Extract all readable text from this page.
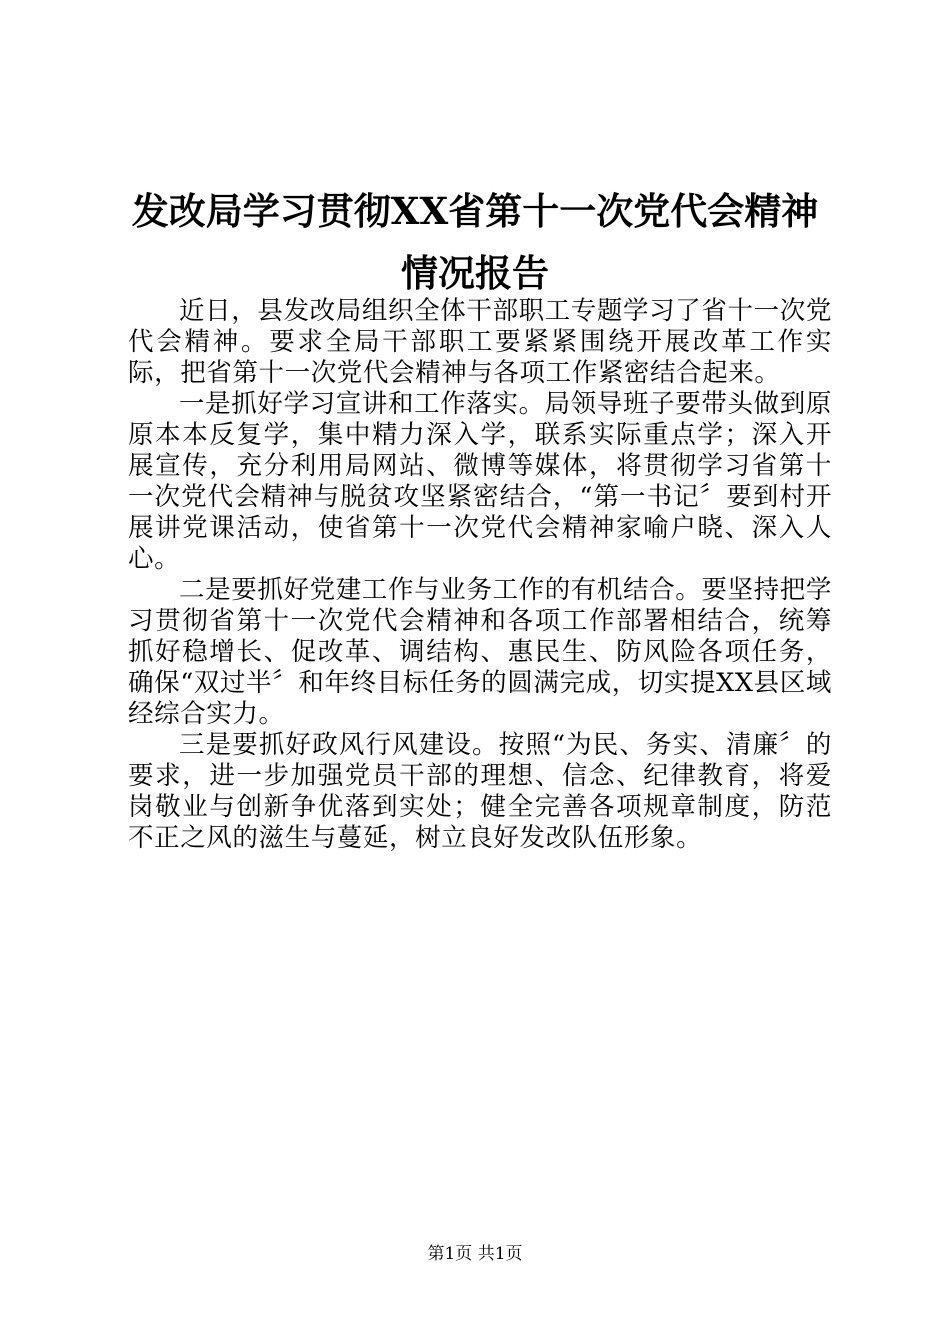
发改局学习贯彻XX省第十一次党代会精神情况报告

近日，县发改局组织全体干部职工专题学习了省十一次党代会精神。要求全局干部职工要紧紧围绕开展改革工作实际，把省第十一次党代会精神与各项工作紧密结合起来。

一是抓好学习宣讲和工作落实。局领导班子要带头做到原原本本反复学，集中精力深入学，联系实际重点学；深入开展宣传，充分利用局网站、微博等媒体，将贯彻学习省第十一次党代会精神与脱贫攻坚紧密结合，“第一书记〞要到村开展讲党课活动，使省第十一次党代会精神家喻户晓、深入人心。

二是要抓好党建工作与业务工作的有机结合。要坚持把学习贯彻省第十一次党代会精神和各项工作部署相结合，统筹抓好稳增长、促改革、调结构、惠民生、防风险各项任务，确保“双过半〞和年终目标任务的圆满完成，切实提XX县区域经综合实力。

三是要抓好政风行风建设。按照“为民、务实、清廉〞的要求，进一步加强党员干部的理想、信念、纪律教育，将爱岗敬业与创新争优落到实处；健全完善各项规章制度，防范不正之风的滋生与蔓延，树立良好发改队伍形象。

第1页 共1页
